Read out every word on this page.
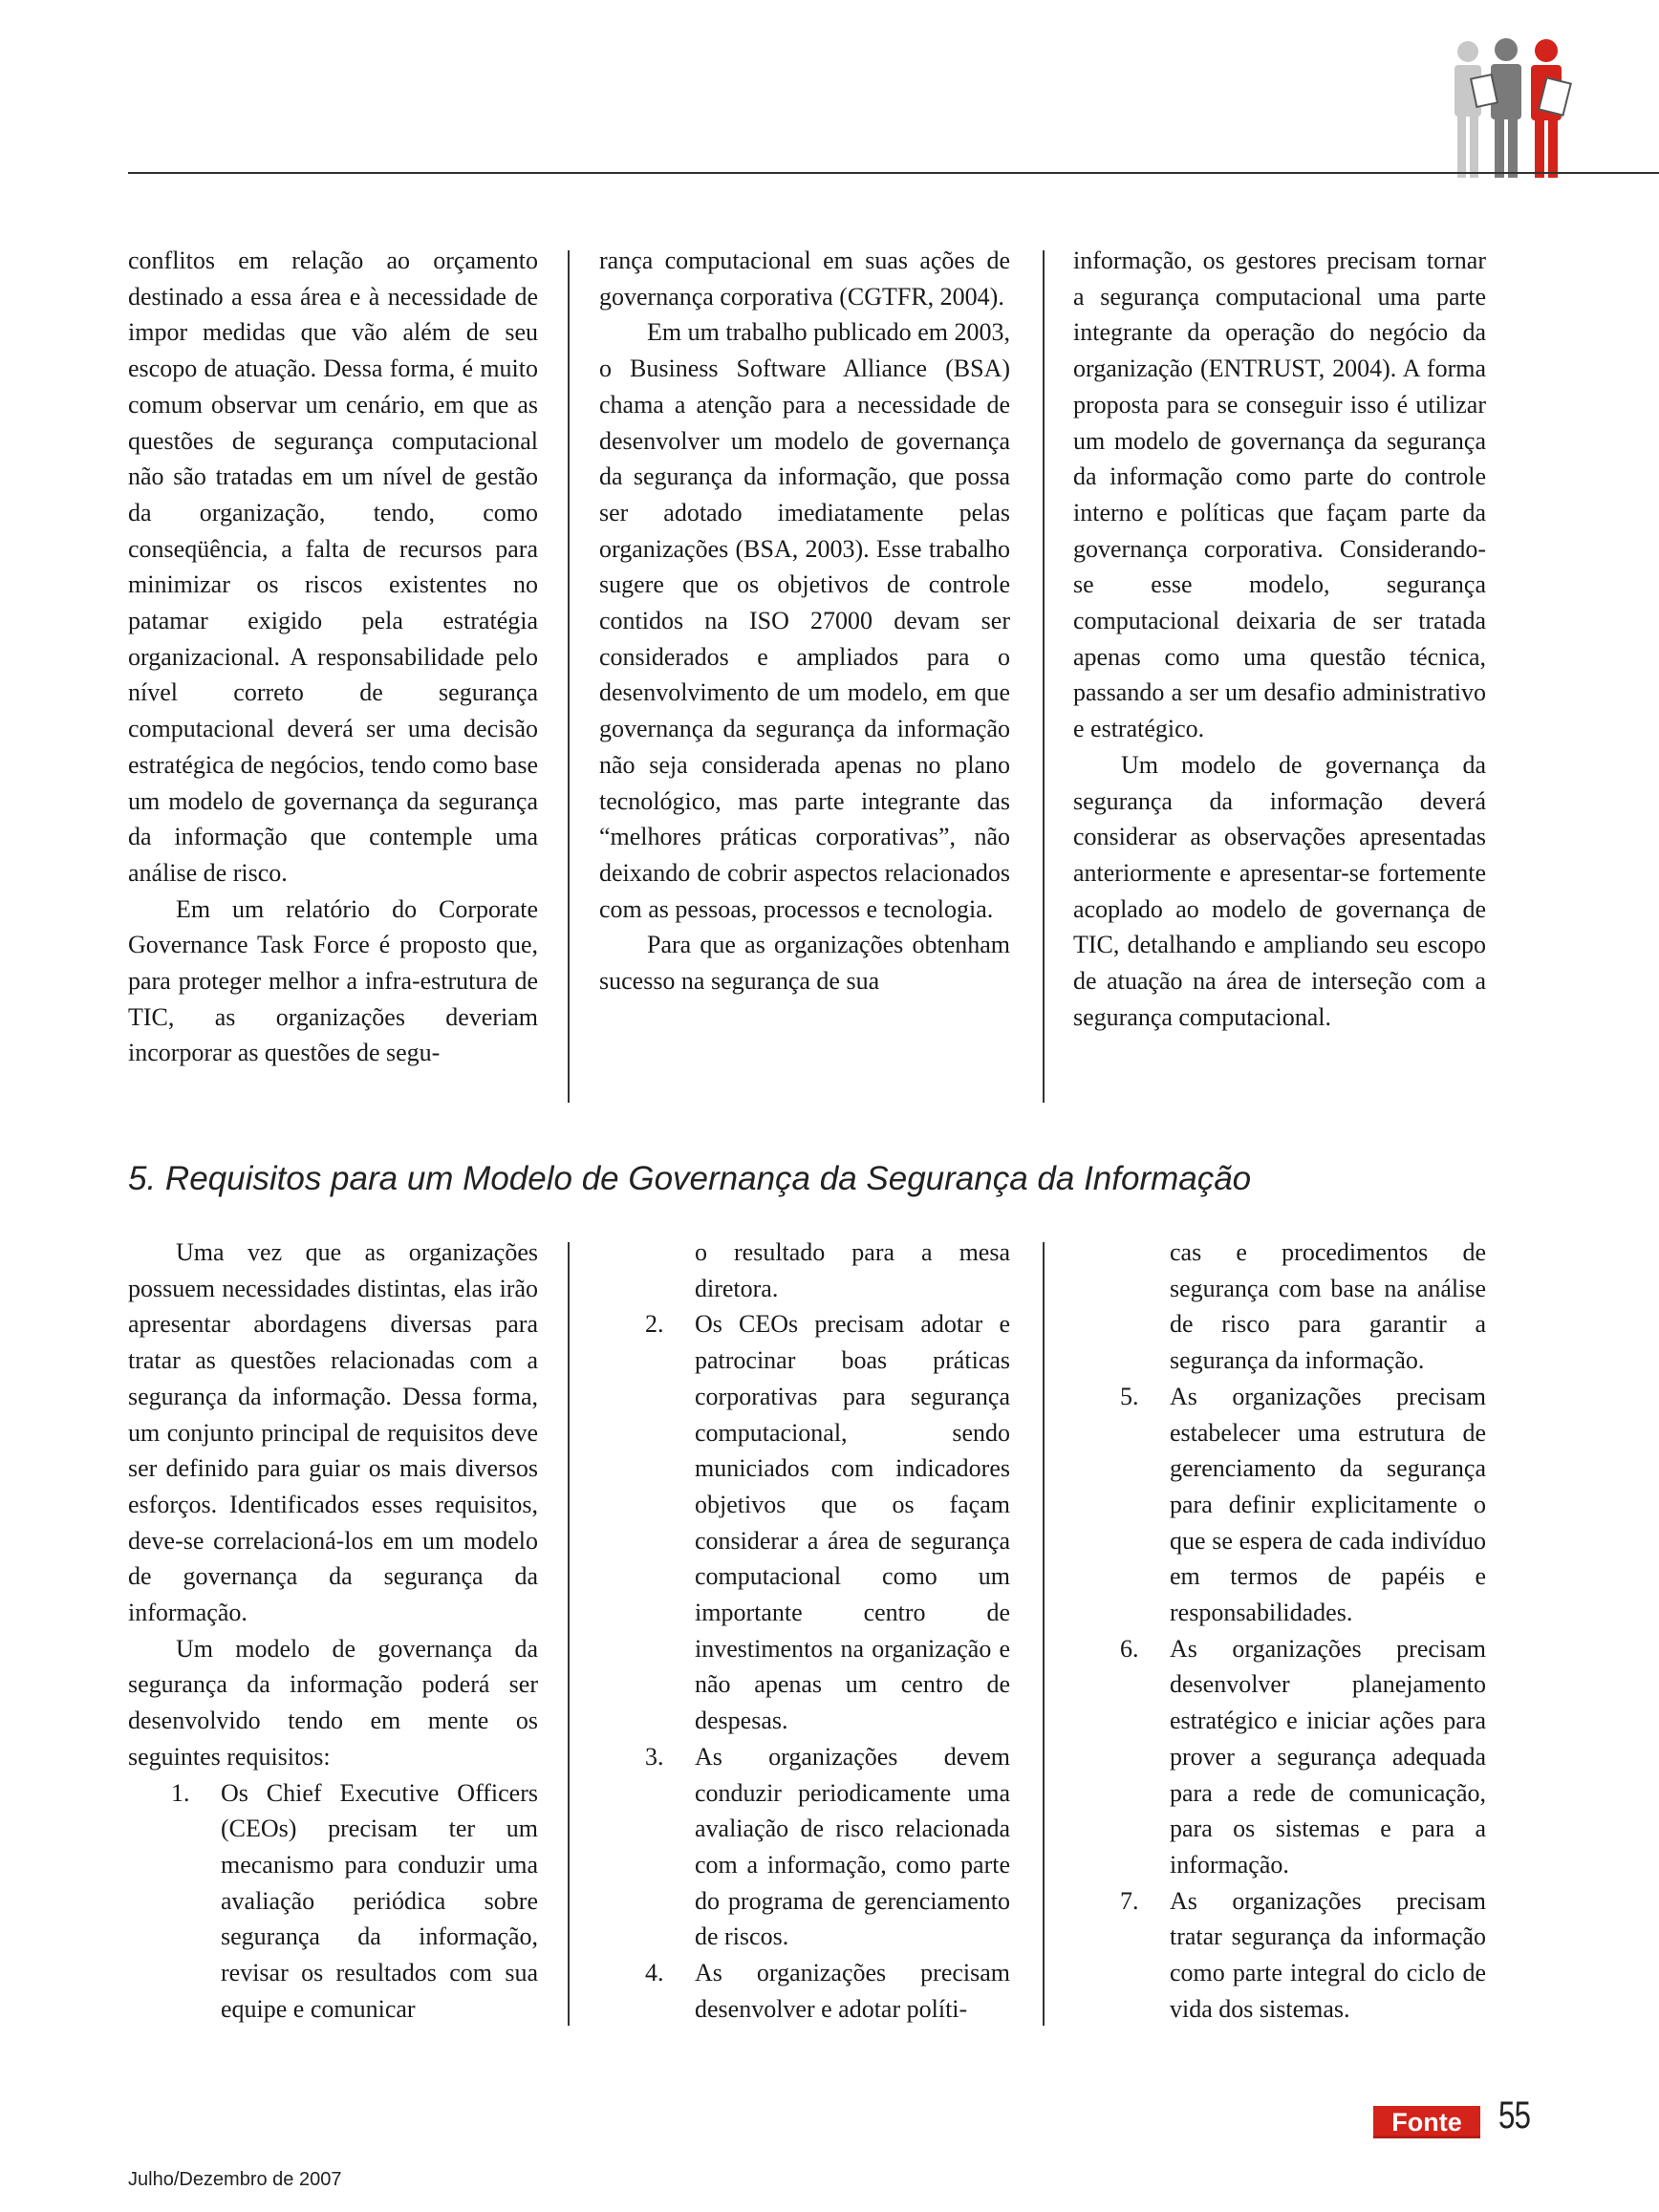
conflitos em relação ao orçamento destinado a essa área e à necessidade de impor medidas que vão além de seu escopo de atuação. Dessa forma, é muito comum observar um cenário, em que as questões de segurança computacional não são tratadas em um nível de gestão da organização, tendo, como conseqüência, a falta de recursos para minimizar os riscos existentes no patamar exigido pela estratégia organizacional. A responsabilidade pelo nível correto de segurança computacional deverá ser uma decisão estratégica de negócios, tendo como base um modelo de governança da segurança da informação que contemple uma análise de risco.

Em um relatório do Corporate Governance Task Force é proposto que, para proteger melhor a infra-estrutura de TIC, as organizações deveriam incorporar as questões de segu-

rança computacional em suas ações de governança corporativa (CGTFR, 2004).

Em um trabalho publicado em 2003, o Business Software Alliance (BSA) chama a atenção para a necessidade de desenvolver um modelo de governança da segurança da informação, que possa ser adotado imediatamente pelas organizações (BSA, 2003). Esse trabalho sugere que os objetivos de controle contidos na ISO 27000 devam ser considerados e ampliados para o desenvolvimento de um modelo, em que governança da segurança da informação não seja considerada apenas no plano tecnológico, mas parte integrante das “melhores práticas corporativas”, não deixando de cobrir aspectos relacionados com as pessoas, processos e tecnologia.

Para que as organizações obtenham sucesso na segurança de sua

informação, os gestores precisam tornar a segurança computacional uma parte integrante da operação do negócio da organização (ENTRUST, 2004). A forma proposta para se conseguir isso é utilizar um modelo de governança da segurança da informação como parte do controle interno e políticas que façam parte da governança corporativa. Considerando-se esse modelo, segurança computacional deixaria de ser tratada apenas como uma questão técnica, passando a ser um desafio administrativo e estratégico.

Um modelo de governança da segurança da informação deverá considerar as observações apresentadas anteriormente e apresentar-se fortemente acoplado ao modelo de governança de TIC, detalhando e ampliando seu escopo de atuação na área de interseção com a segurança computacional.

5. Requisitos para um Modelo de Governança da Segurança da Informação

Uma vez que as organizações possuem necessidades distintas, elas irão apresentar abordagens diversas para tratar as questões relacionadas com a segurança da informação. Dessa forma, um conjunto principal de requisitos deve ser definido para guiar os mais diversos esforços. Identificados esses requisitos, deve-se correlacioná-los em um modelo de governança da segurança da informação.

Um modelo de governança da segurança da informação poderá ser desenvolvido tendo em mente os seguintes requisitos:

1. Os Chief Executive Officers (CEOs) precisam ter um mecanismo para conduzir uma avaliação periódica sobre segurança da informação, revisar os resultados com sua equipe e comunicar
o resultado para a mesa diretora.
2. Os CEOs precisam adotar e patrocinar boas práticas corporativas para segurança computacional, sendo municiados com indicadores objetivos que os façam considerar a área de segurança computacional como um importante centro de investimentos na organização e não apenas um centro de despesas.
3. As organizações devem conduzir periodicamente uma avaliação de risco relacionada com a informação, como parte do programa de gerenciamento de riscos.
4. As organizações precisam desenvolver e adotar políti-
cas e procedimentos de segurança com base na análise de risco para garantir a segurança da informação.
5. As organizações precisam estabelecer uma estrutura de gerenciamento da segurança para definir explicitamente o que se espera de cada indivíduo em termos de papéis e responsabilidades.
6. As organizações precisam desenvolver planejamento estratégico e iniciar ações para prover a segurança adequada para a rede de comunicação, para os sistemas e para a informação.
7. As organizações precisam tratar segurança da informação como parte integral do ciclo de vida dos sistemas.
Julho/Dezembro de 2007
Fonte 55
